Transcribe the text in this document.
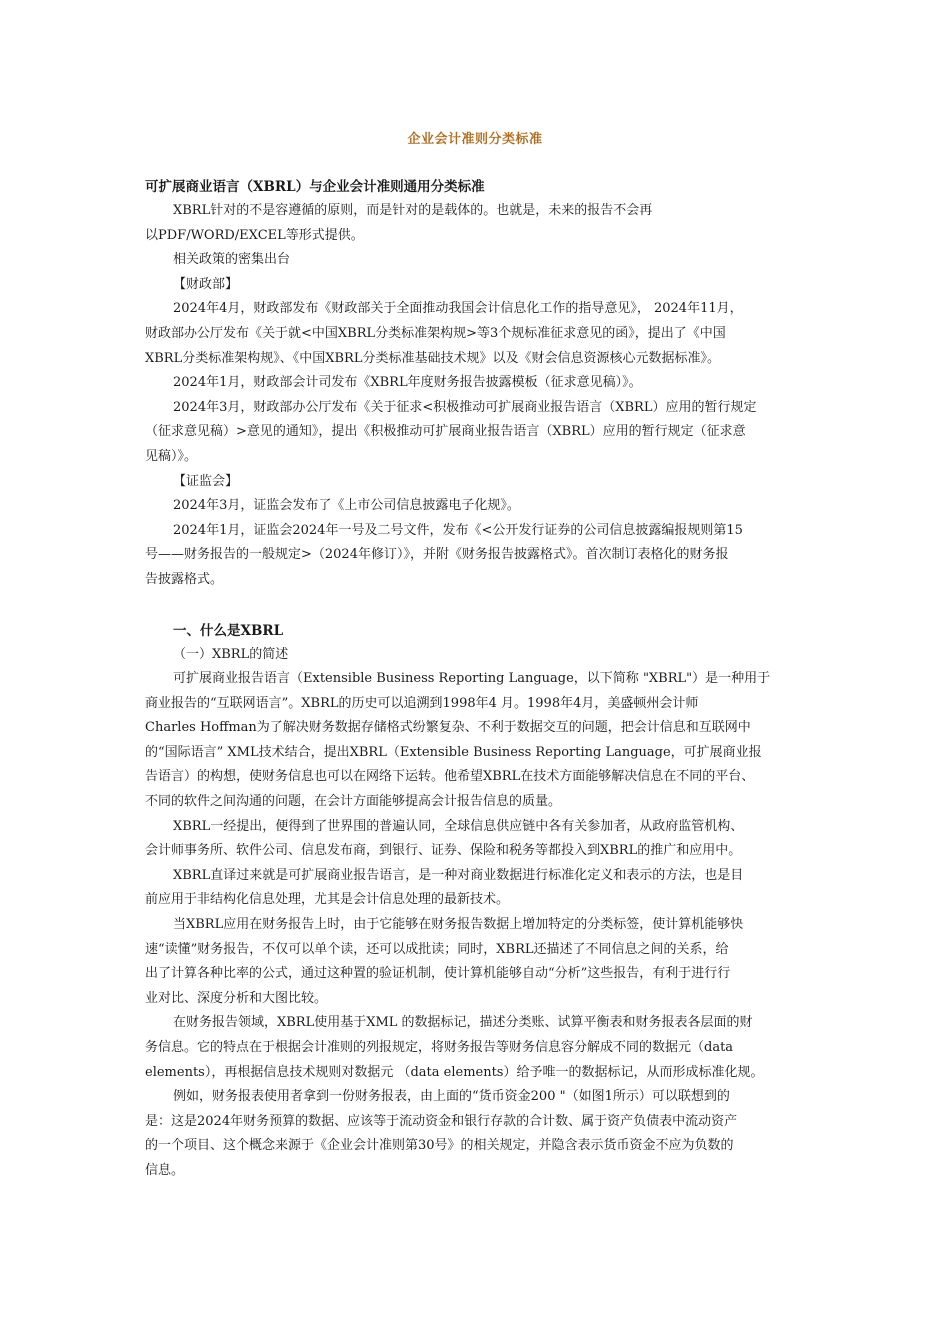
企业会计准则分类标准
可扩展商业语言（XBRL）与企业会计准则通用分类标准

XBRL针对的不是容遵循的原则，而是针对的是载体的。也就是，未来的报告不会再
以PDF/WORD/EXCEL等形式提供。

相关政策的密集出台

【财政部】

2024年4月，财政部发布《财政部关于全面推动我国会计信息化工作的指导意见》， 2024年11月，
财政部办公厅发布《关于就<中国XBRL分类标准架构规>等3个规标准征求意见的函》，提出了《中国
XBRL分类标准架构规》、《中国XBRL分类标准基础技术规》以及《财会信息资源核心元数据标准》。

2024年1月，财政部会计司发布《XBRL年度财务报告披露模板（征求意见稿）》。

2024年3月，财政部办公厅发布《关于征求<积极推动可扩展商业报告语言（XBRL）应用的暂行规定
（征求意见稿）>意见的通知》，提出《积极推动可扩展商业报告语言（XBRL）应用的暂行规定（征求意
见稿）》。

【证监会】

2024年3月，证监会发布了《上市公司信息披露电子化规》。

2024年1月，证监会2024年一号及二号文件，发布《<公开发行证券的公司信息披露编报规则第15
号——财务报告的一般规定>（2024年修订）》，并附《财务报告披露格式》。首次制订表格化的财务报
告披露格式。

一、什么是XBRL

（一）XBRL的简述

可扩展商业报告语言（Extensible Business Reporting Language，以下简称 "XBRL"）是一种用于
商业报告的“互联网语言”。XBRL的历史可以追溯到1998年4 月。1998年4月，美盛顿州会计师
Charles Hoffman为了解决财务数据存储格式纷繁复杂、不利于数据交互的问题，把会计信息和互联网中
的“国际语言” XML技术结合，提出XBRL（Extensible Business Reporting Language，可扩展商业报
告语言）的构想，使财务信息也可以在网络下运转。他希望XBRL在技术方面能够解决信息在不同的平台、
不同的软件之间沟通的问题，在会计方面能够提高会计报告信息的质量。

XBRL一经提出，便得到了世界围的普遍认同，全球信息供应链中各有关参加者，从政府监管机构、
会计师事务所、软件公司、信息发布商，到银行、证券、保险和税务等都投入到XBRL的推广和应用中。

XBRL直译过来就是可扩展商业报告语言，是一种对商业数据进行标准化定义和表示的方法，也是目
前应用于非结构化信息处理，尤其是会计信息处理的最新技术。

当XBRL应用在财务报告上时，由于它能够在财务报告数据上增加特定的分类标签，使计算机能够快
速“读懂”财务报告，不仅可以单个读，还可以成批读；同时，XBRL还描述了不同信息之间的关系，给
出了计算各种比率的公式，通过这种置的验证机制，使计算机能够自动“分析”这些报告，有利于进行行
业对比、深度分析和大图比较。

在财务报告领域，XBRL使用基于XML 的数据标记，描述分类账、试算平衡表和财务报表各层面的财
务信息。它的特点在于根据会计准则的列报规定，将财务报告等财务信息容分解成不同的数据元（data
elements），再根据信息技术规则对数据元 （data elements）给予唯一的数据标记，从而形成标准化规。

例如，财务报表使用者拿到一份财务报表，由上面的“货币资金200 "（如图1所示）可以联想到的
是：这是2024年财务预算的数据、应该等于流动资金和银行存款的合计数、属于资产负债表中流动资产
的一个项目、这个概念来源于《企业会计准则第30号》的相关规定，并隐含表示货币资金不应为负数的
信息。
